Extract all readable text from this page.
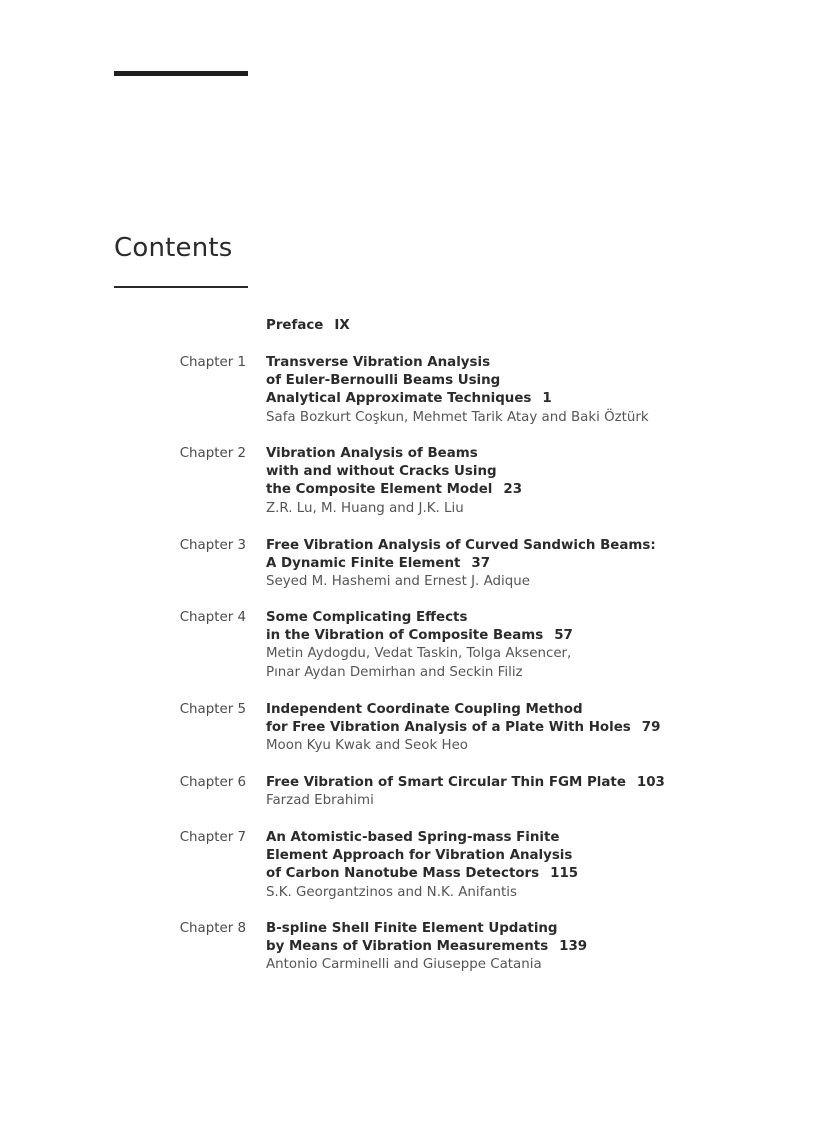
Contents
Preface IX
Chapter 1 Transverse Vibration Analysis
of Euler-Bernoulli Beams Using
Analytical Approximate Techniques 1
Safa Bozkurt Coşkun, Mehmet Tarik Atay and Baki Öztürk
Chapter 2 Vibration Analysis of Beams
with and without Cracks Using
the Composite Element Model 23
Z.R. Lu, M. Huang and J.K. Liu
Chapter 3 Free Vibration Analysis of Curved Sandwich Beams:
A Dynamic Finite Element 37
Seyed M. Hashemi and Ernest J. Adique
Chapter 4 Some Complicating Effects
in the Vibration of Composite Beams 57
Metin Aydogdu, Vedat Taskin, Tolga Aksencer,
Pınar Aydan Demirhan and Seckin Filiz
Chapter 5 Independent Coordinate Coupling Method
for Free Vibration Analysis of a Plate With Holes 79
Moon Kyu Kwak and Seok Heo
Chapter 6 Free Vibration of Smart Circular Thin FGM Plate 103
Farzad Ebrahimi
Chapter 7 An Atomistic-based Spring-mass Finite
Element Approach for Vibration Analysis
of Carbon Nanotube Mass Detectors 115
S.K. Georgantzinos and N.K. Anifantis
Chapter 8 B-spline Shell Finite Element Updating
by Means of Vibration Measurements 139
Antonio Carminelli and Giuseppe Catania
